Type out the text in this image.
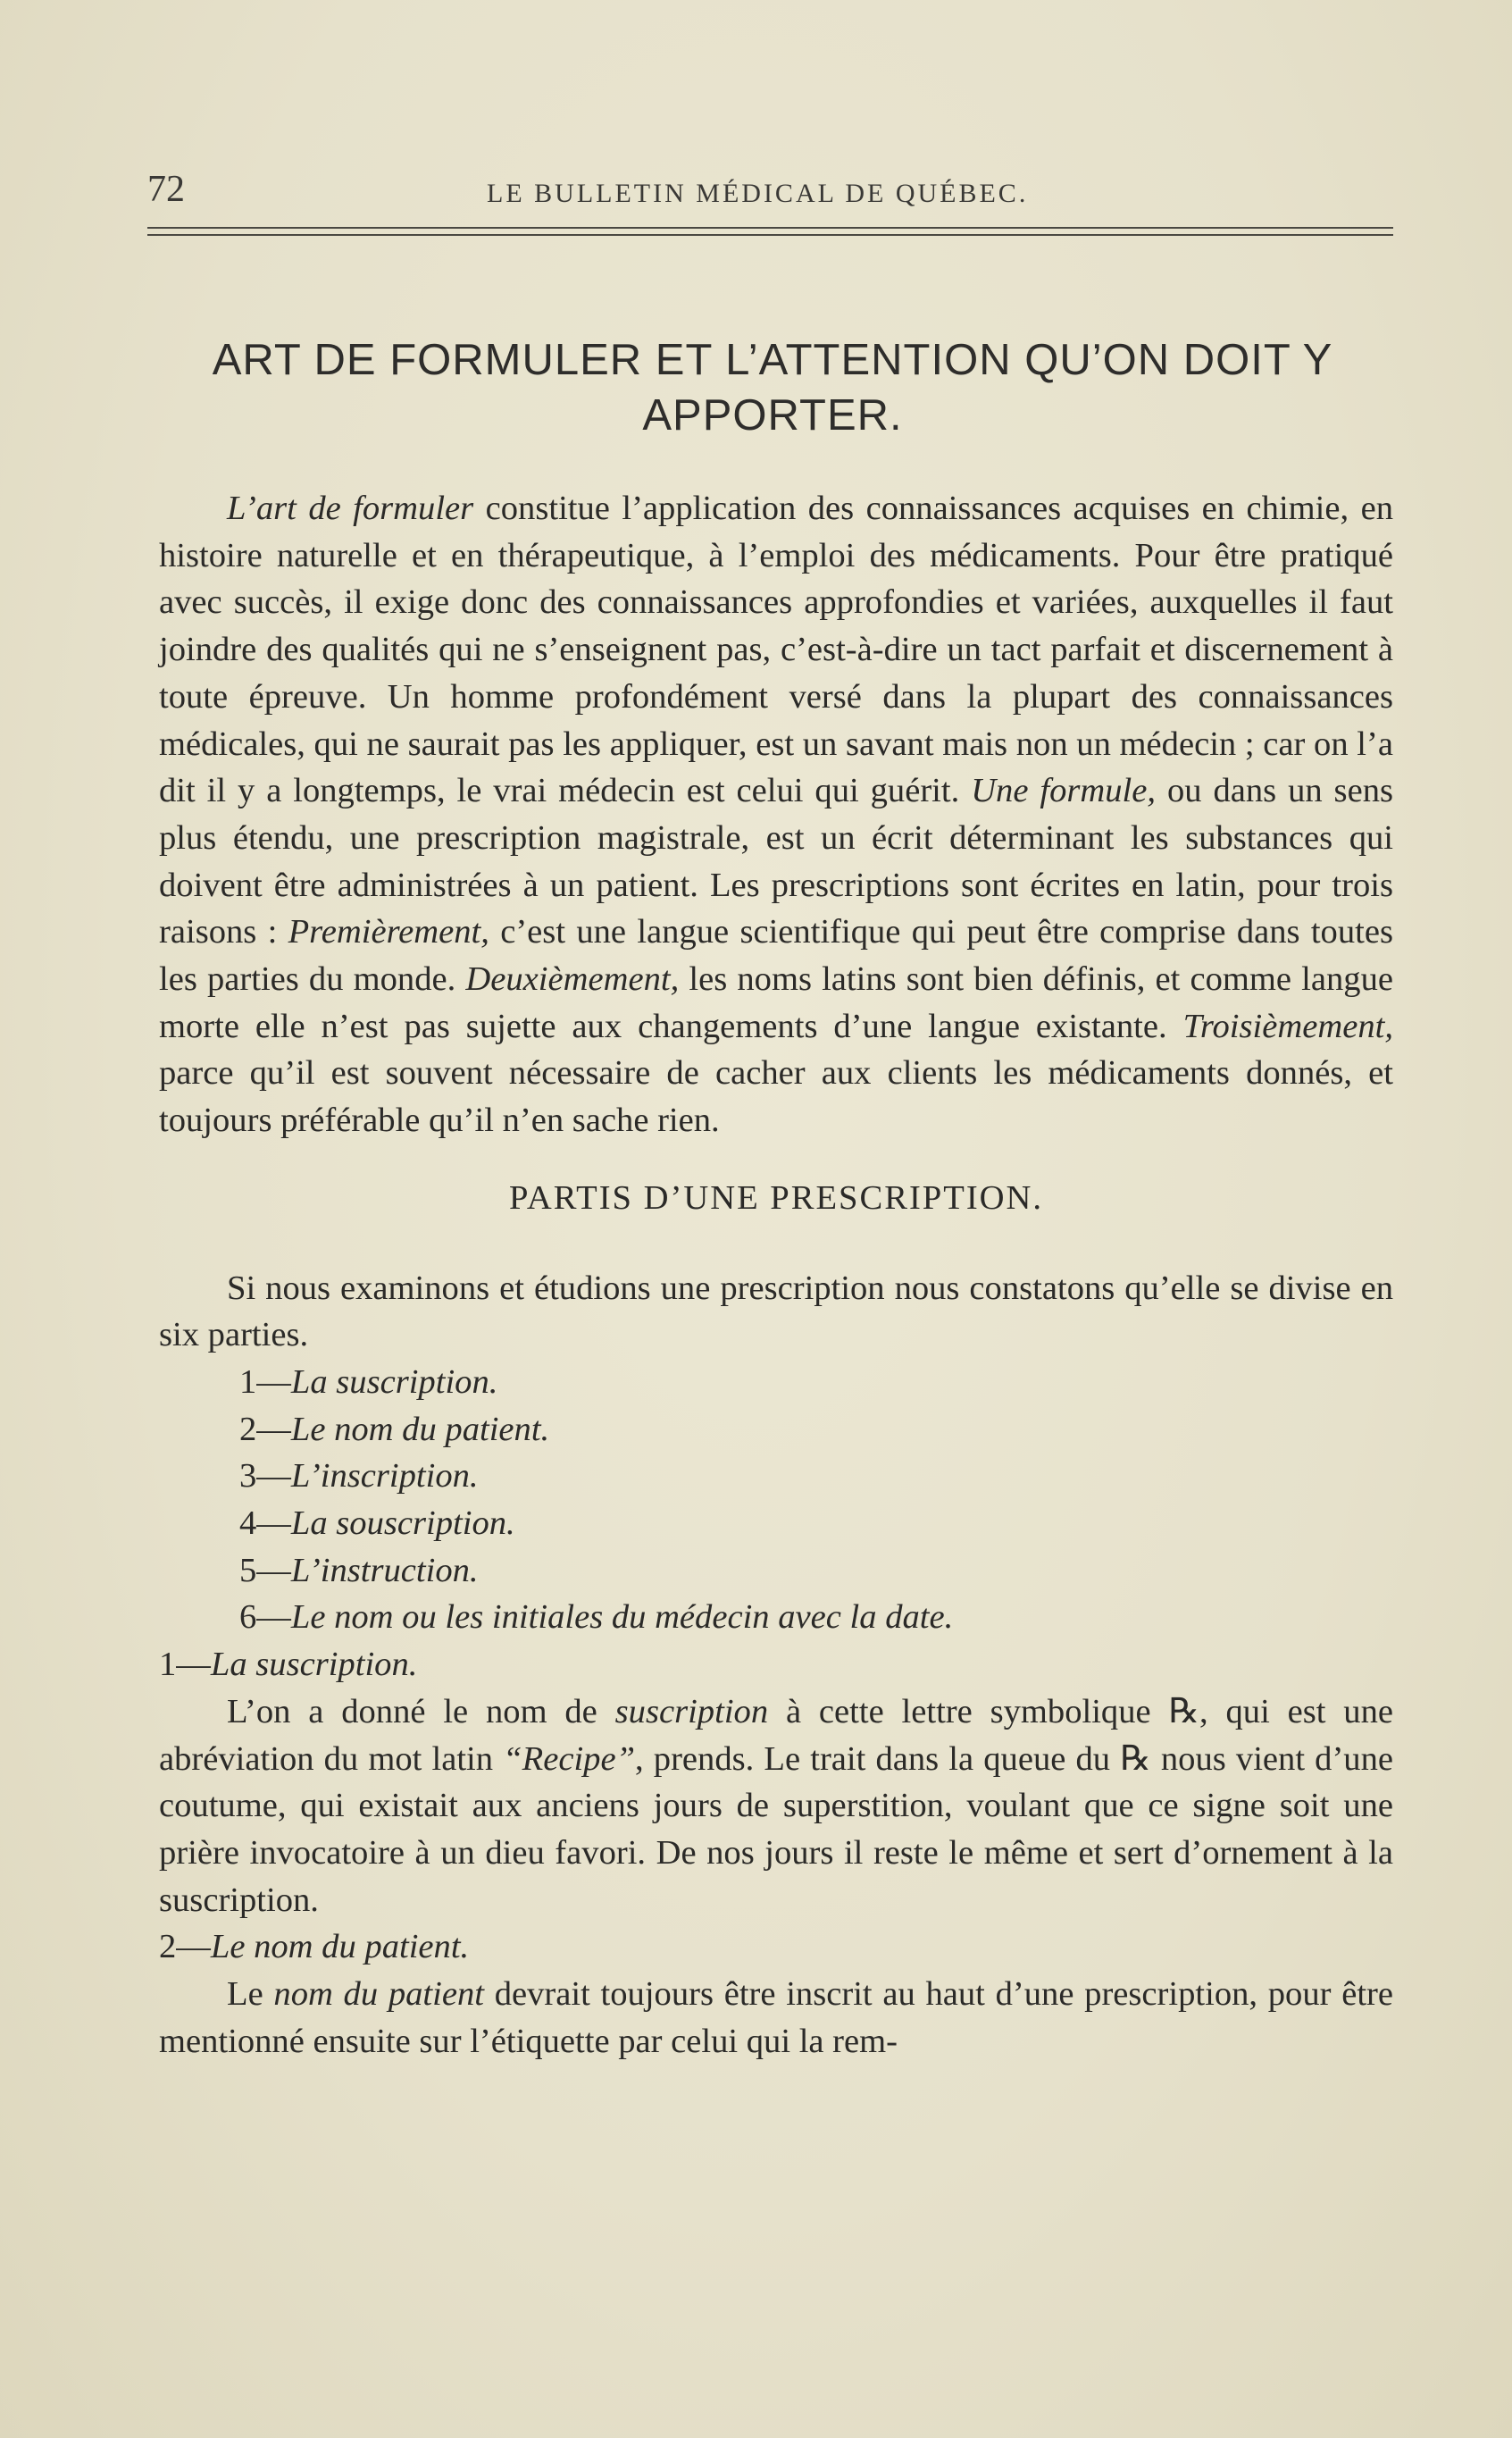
72	LE BULLETIN MÉDICAL DE QUÉBEC.
ART DE FORMULER ET L’ATTENTION QU’ON DOIT Y APPORTER.

L’art de formuler constitue l’application des connaissances acquises en chimie, en histoire naturelle et en thérapeutique, à l’emploi des médicaments. Pour être pratiqué avec succès, il exige donc des connaissances approfondies et variées, auxquelles il faut joindre des qualités qui ne s’enseignent pas, c’est-à-dire un tact parfait et discernement à toute épreuve. Un homme profondément versé dans la plupart des connaissances médicales, qui ne saurait pas les appliquer, est un savant mais non un médecin ; car on l’a dit il y a longtemps, le vrai médecin est celui qui guérit. Une formule, ou dans un sens plus étendu, une prescription magistrale, est un écrit déterminant les substances qui doivent être administrées à un patient. Les prescriptions sont écrites en latin, pour trois raisons : Premièrement, c’est une langue scientifique qui peut être comprise dans toutes les parties du monde. Deuxièmement, les noms latins sont bien définis, et comme langue morte elle n’est pas sujette aux changements d’une langue existante. Troisièmement, parce qu’il est souvent nécessaire de cacher aux clients les médicaments donnés, et toujours préférable qu’il n’en sache rien.

PARTIS D’UNE PRESCRIPTION.

Si nous examinons et étudions une prescription nous constatons qu’elle se divise en six parties.

1—La suscription.

2—Le nom du patient.

3—L’inscription.

4—La souscription.

5—L’instruction.

6—Le nom ou les initiales du médecin avec la date.

1—La suscription.

L’on a donné le nom de suscription à cette lettre symbolique ℞, qui est une abréviation du mot latin “Recipe”, prends. Le trait dans la queue du ℞ nous vient d’une coutume, qui existait aux anciens jours de superstition, voulant que ce signe soit une prière invocatoire à un dieu favori. De nos jours il reste le même et sert d’ornement à la suscription.

2—Le nom du patient.

Le nom du patient devrait toujours être inscrit au haut d’une prescription, pour être mentionné ensuite sur l’étiquette par celui qui la rem-
